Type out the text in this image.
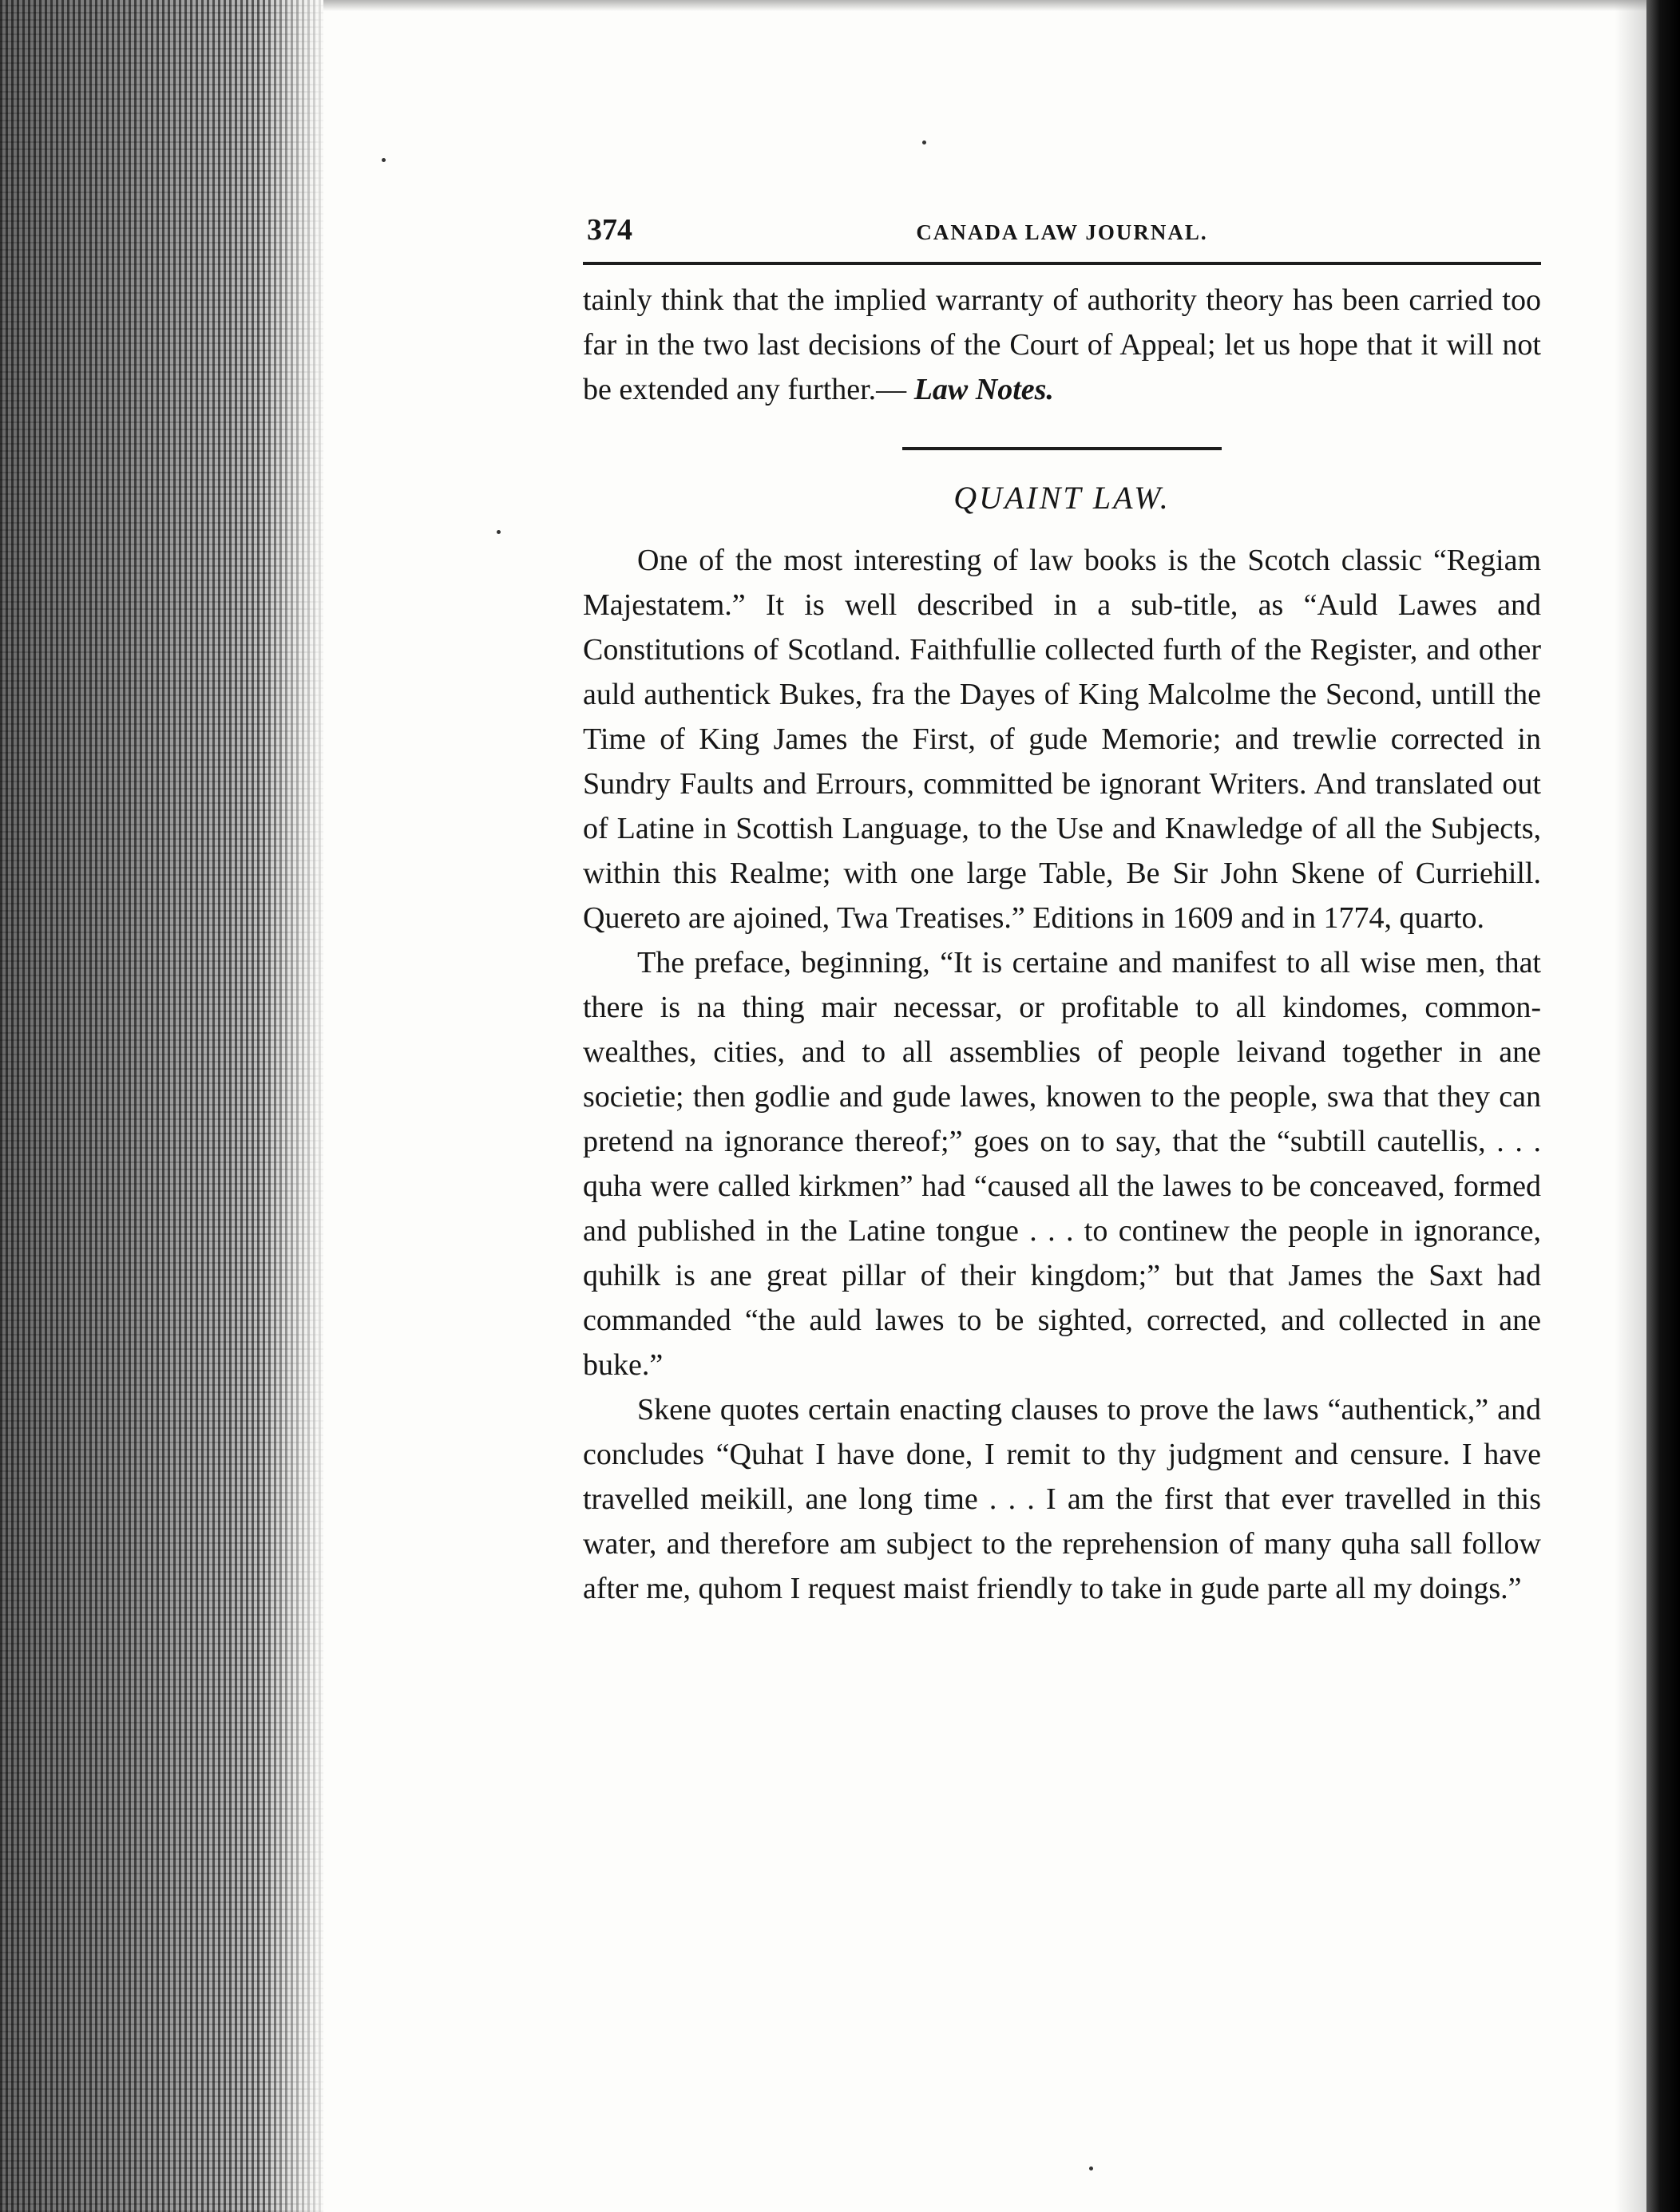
374	CANADA LAW JOURNAL.

tainly think that the implied warranty of authority theory has been carried too far in the two last decisions of the Court of Appeal; let us hope that it will not be extended any further.— Law Notes.

QUAINT LAW.

One of the most interesting of law books is the Scotch classic “Regiam Majestatem.” It is well described in a sub-title, as “Auld Lawes and Constitutions of Scotland. Faithfullie collected furth of the Register, and other auld authentick Bukes, fra the Dayes of King Malcolme the Second, untill the Time of King James the First, of gude Memorie; and trewlie corrected in Sundry Faults and Errours, committed be ignorant Writers. And translated out of Latine in Scottish Language, to the Use and Knawledge of all the Subjects, within this Realme; with one large Table, Be Sir John Skene of Curriehill. Quereto are ajoined, Twa Treatises.” Editions in 1609 and in 1774, quarto.

The preface, beginning, “It is certaine and manifest to all wise men, that there is na thing mair necessar, or profitable to all kindomes, common-wealthes, cities, and to all assemblies of people leivand together in ane societie; then godlie and gude lawes, knowen to the people, swa that they can pretend na ignorance thereof;” goes on to say, that the “subtill cautellis, . . . quha were called kirkmen” had “caused all the lawes to be conceaved, formed and published in the Latine tongue . . . to continew the people in ignorance, quhilk is ane great pillar of their kingdom;” but that James the Saxt had commanded “the auld lawes to be sighted, corrected, and collected in ane buke.”

Skene quotes certain enacting clauses to prove the laws “authentick,” and concludes “Quhat I have done, I remit to thy judgment and censure. I have travelled meikill, ane long time . . . I am the first that ever travelled in this water, and therefore am subject to the reprehension of many quha sall follow after me, quhom I request maist friendly to take in gude parte all my doings.”
